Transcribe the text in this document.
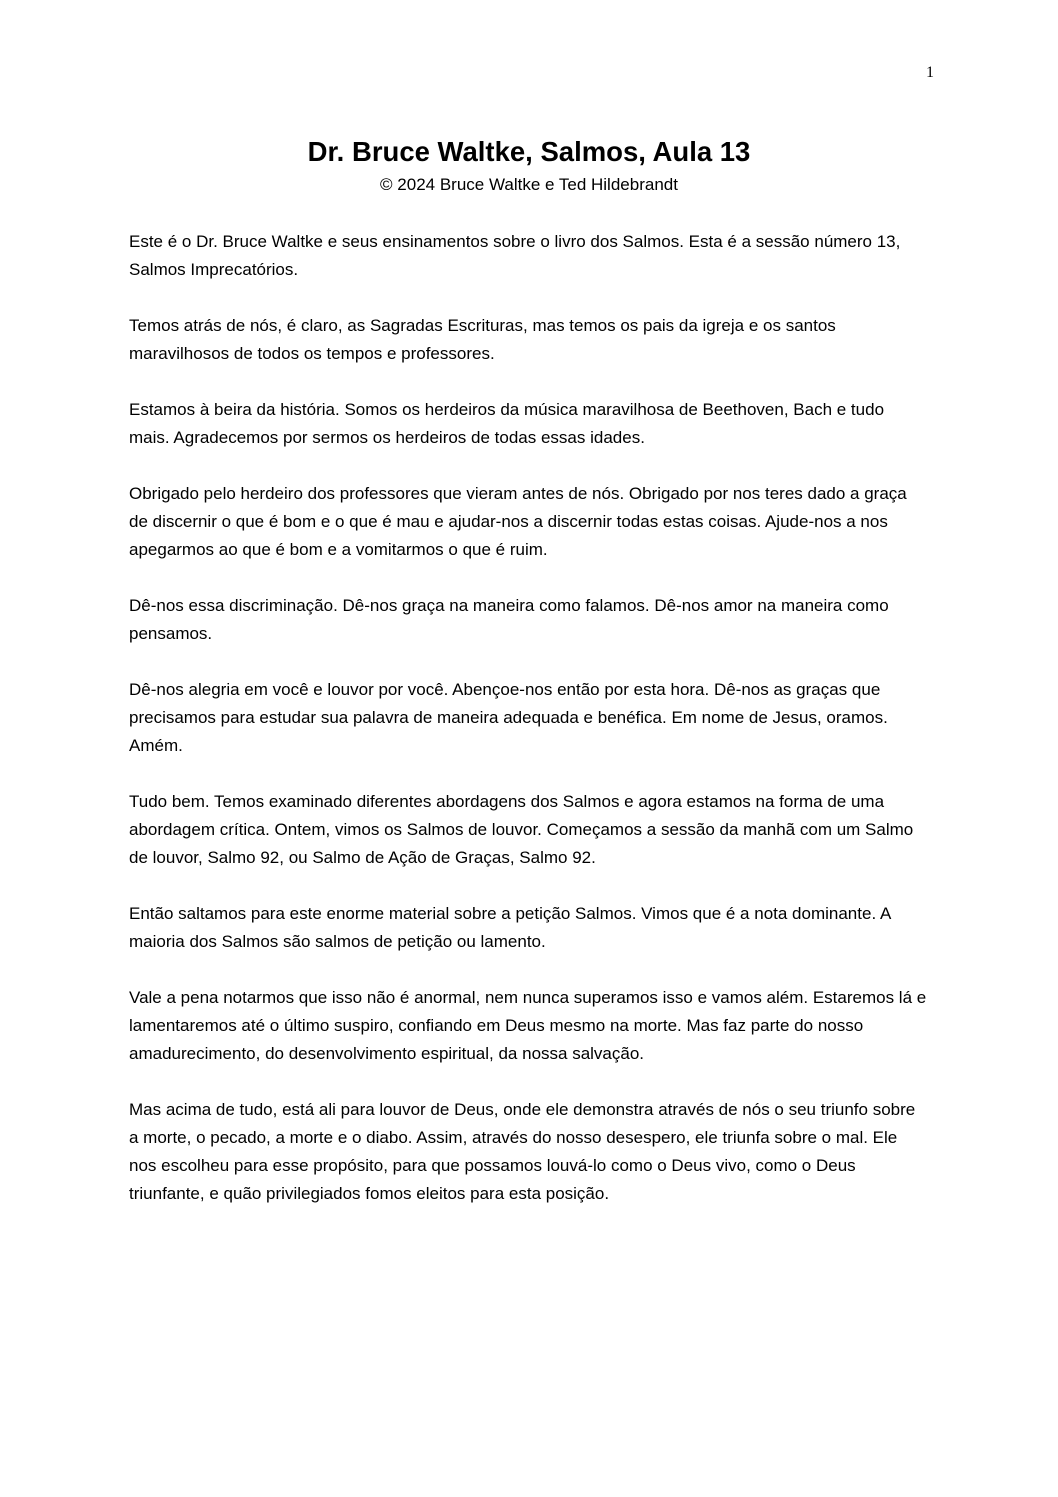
1
Dr. Bruce Waltke, Salmos, Aula 13
© 2024 Bruce Waltke e Ted Hildebrandt

Este é o Dr. Bruce Waltke e seus ensinamentos sobre o livro dos Salmos. Esta é a sessão número 13, Salmos Imprecatórios.

Temos atrás de nós, é claro, as Sagradas Escrituras, mas temos os pais da igreja e os santos maravilhosos de todos os tempos e professores.

Estamos à beira da história. Somos os herdeiros da música maravilhosa de Beethoven, Bach e tudo mais. Agradecemos por sermos os herdeiros de todas essas idades.

Obrigado pelo herdeiro dos professores que vieram antes de nós. Obrigado por nos teres dado a graça de discernir o que é bom e o que é mau e ajudar-nos a discernir todas estas coisas. Ajude-nos a nos apegarmos ao que é bom e a vomitarmos o que é ruim.

Dê-nos essa discriminação. Dê-nos graça na maneira como falamos. Dê-nos amor na maneira como pensamos.

Dê-nos alegria em você e louvor por você. Abençoe-nos então por esta hora. Dê-nos as graças que precisamos para estudar sua palavra de maneira adequada e benéfica. Em nome de Jesus, oramos. Amém.

Tudo bem. Temos examinado diferentes abordagens dos Salmos e agora estamos na forma de uma abordagem crítica. Ontem, vimos os Salmos de louvor. Começamos a sessão da manhã com um Salmo de louvor, Salmo 92, ou Salmo de Ação de Graças, Salmo 92.

Então saltamos para este enorme material sobre a petição Salmos. Vimos que é a nota dominante. A maioria dos Salmos são salmos de petição ou lamento.

Vale a pena notarmos que isso não é anormal, nem nunca superamos isso e vamos além. Estaremos lá e lamentaremos até o último suspiro, confiando em Deus mesmo na morte. Mas faz parte do nosso amadurecimento, do desenvolvimento espiritual, da nossa salvação.

Mas acima de tudo, está ali para louvor de Deus, onde ele demonstra através de nós o seu triunfo sobre a morte, o pecado, a morte e o diabo. Assim, através do nosso desespero, ele triunfa sobre o mal. Ele nos escolheu para esse propósito, para que possamos louvá-lo como o Deus vivo, como o Deus triunfante, e quão privilegiados fomos eleitos para esta posição.
